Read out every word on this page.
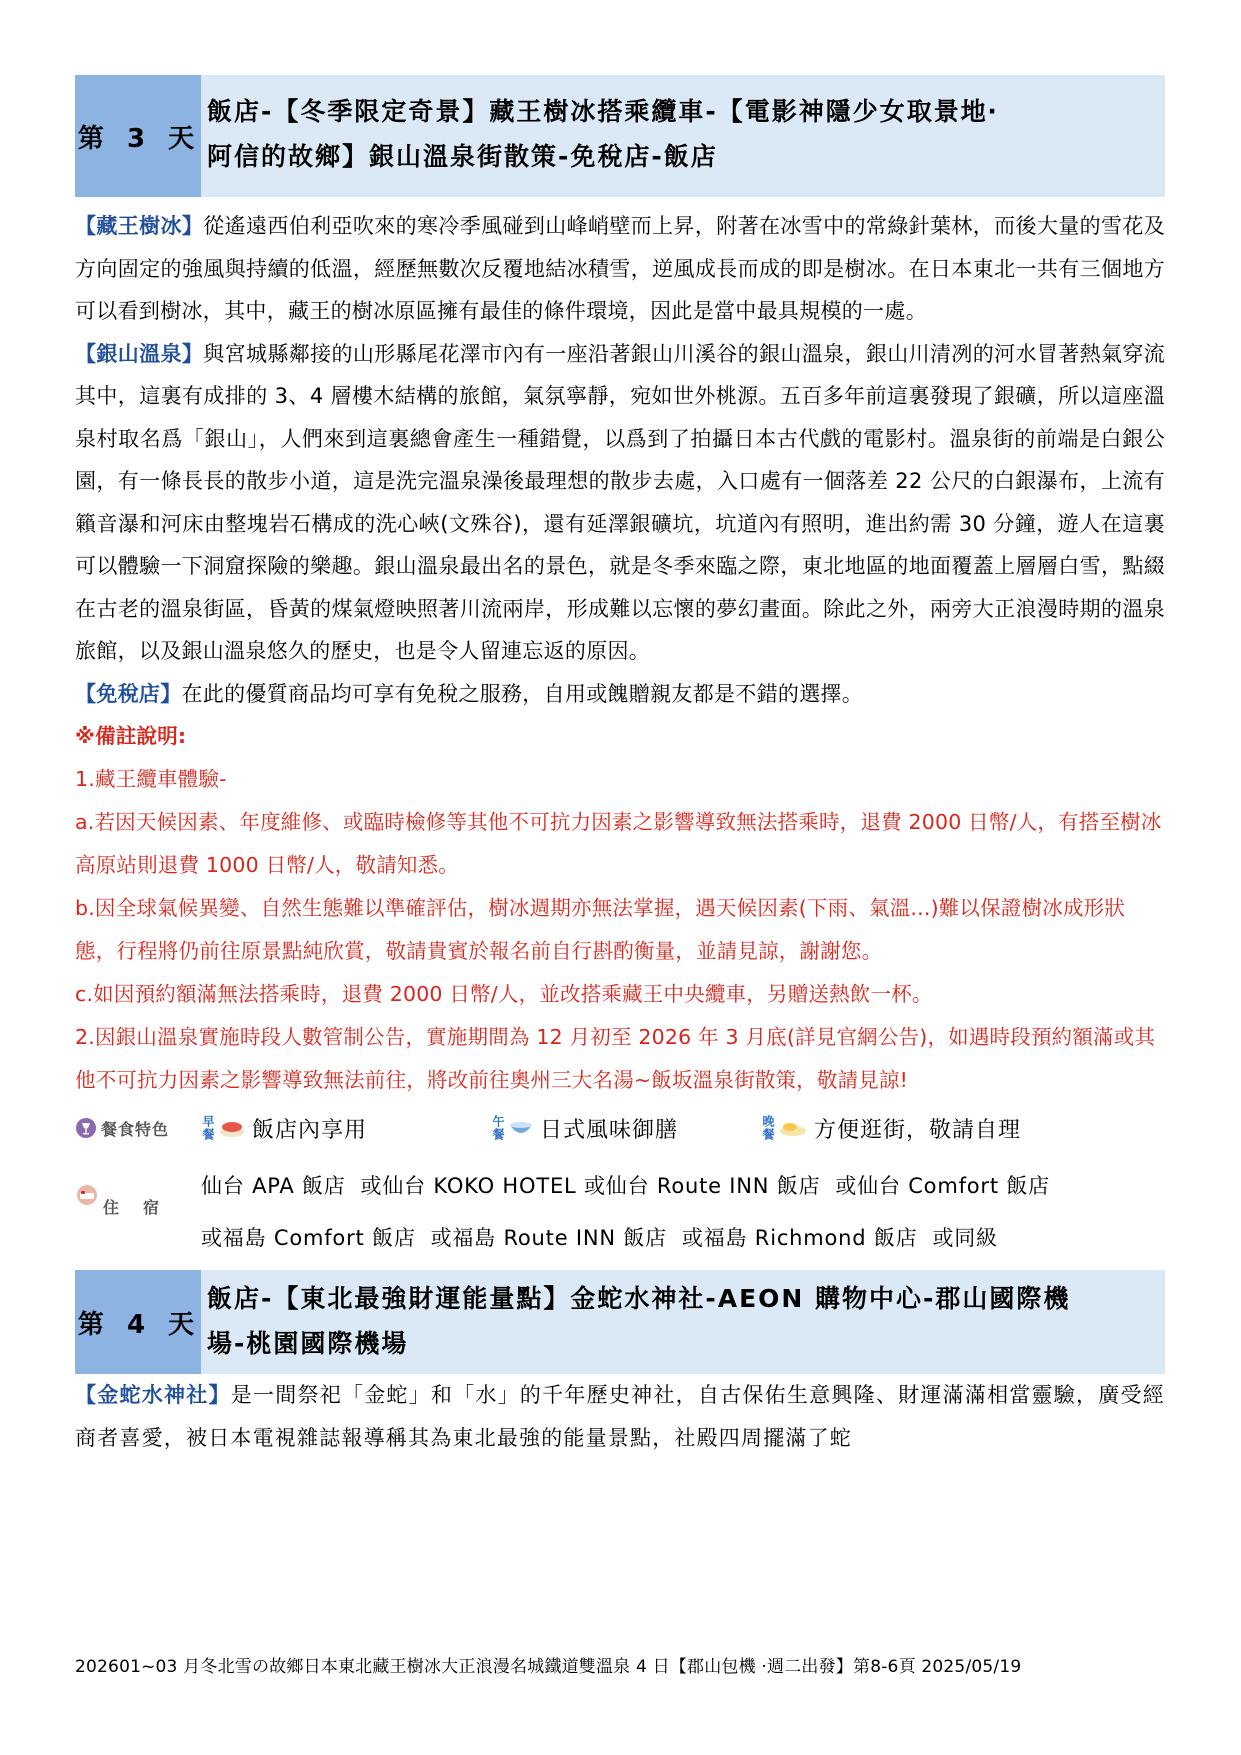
第 3 天
飯店-【冬季限定奇景】藏王樹冰搭乘纜車-【電影神隱少女取景地‧
阿信的故鄉】銀山溫泉街散策-免稅店-飯店

【藏王樹冰】從遙遠西伯利亞吹來的寒冷季風碰到山峰峭壁而上昇，附著在冰雪中的常綠針葉林，而後大量的雪花及方向固定的強風與持續的低溫，經歷無數次反覆地結冰積雪，逆風成長而成的即是樹冰。在日本東北一共有三個地方可以看到樹冰，其中，藏王的樹冰原區擁有最佳的條件環境，因此是當中最具規模的一處。

【銀山溫泉】與宮城縣鄰接的山形縣尾花澤市內有一座沿著銀山川溪谷的銀山溫泉，銀山川清冽的河水冒著熱氣穿流其中，這裏有成排的 3、4 層樓木結構的旅館，氣氛寧靜，宛如世外桃源。五百多年前這裏發現了銀礦，所以這座溫泉村取名爲「銀山」，人們來到這裏總會產生一種錯覺，以爲到了拍攝日本古代戲的電影村。溫泉街的前端是白銀公園，有一條長長的散步小道，這是洗完溫泉澡後最理想的散步去處，入口處有一個落差 22 公尺的白銀瀑布，上流有籟音瀑和河床由整塊岩石構成的洗心峽(文殊谷)，還有延澤銀礦坑，坑道內有照明，進出約需 30 分鐘，遊人在這裏可以體驗一下洞窟探險的樂趣。銀山溫泉最出名的景色，就是冬季來臨之際，東北地區的地面覆蓋上層層白雪，點綴在古老的溫泉街區，昏黃的煤氣燈映照著川流兩岸，形成難以忘懷的夢幻畫面。除此之外，兩旁大正浪漫時期的溫泉旅館，以及銀山溫泉悠久的歷史，也是令人留連忘返的原因。

【免稅店】在此的優質商品均可享有免稅之服務，自用或餽贈親友都是不錯的選擇。

※備註說明:

1.藏王纜車體驗-

a.若因天候因素、年度維修、或臨時檢修等其他不可抗力因素之影響導致無法搭乘時，退費 2000 日幣/人，有搭至樹冰高原站則退費 1000 日幣/人，敬請知悉。

b.因全球氣候異變、自然生態難以準確評估，樹冰週期亦無法掌握，遇天候因素(下雨、氣溫...)難以保證樹冰成形狀態，行程將仍前往原景點純欣賞，敬請貴賓於報名前自行斟酌衡量，並請見諒，謝謝您。

c.如因預約額滿無法搭乘時，退費 2000 日幣/人，並改搭乘藏王中央纜車，另贈送熱飲一杯。

2.因銀山溫泉實施時段人數管制公告，實施期間為 12 月初至 2026 年 3 月底(詳見官網公告)，如遇時段預約額滿或其他不可抗力因素之影響導致無法前往，將改前往奧州三大名湯~飯坂溫泉街散策，敬請見諒!

餐食特色	早餐 飯店內享用	午餐 日式風味御膳	晚餐 方便逛街，敬請自理
住　宿
仙台 APA 飯店  或仙台 KOKO HOTEL 或仙台 Route INN 飯店  或仙台 Comfort 飯店
或福島 Comfort 飯店  或福島 Route INN 飯店  或福島 Richmond 飯店  或同級
第 4 天
飯店-【東北最強財運能量點】金蛇水神社-AEON 購物中心-郡山國際機
場-桃園國際機場

【金蛇水神社】是一間祭祀「金蛇」和「水」的千年歷史神社，自古保佑生意興隆、財運滿滿相當靈驗，廣受經商者喜愛，被日本電視雜誌報導稱其為東北最強的能量景點，社殿四周擺滿了蛇

202601~03 月冬北雪の故鄉日本東北藏王樹冰大正浪漫名城鐵道雙溫泉 4 日【郡山包機 ‧週二出發】第8-6頁 2025/05/19
